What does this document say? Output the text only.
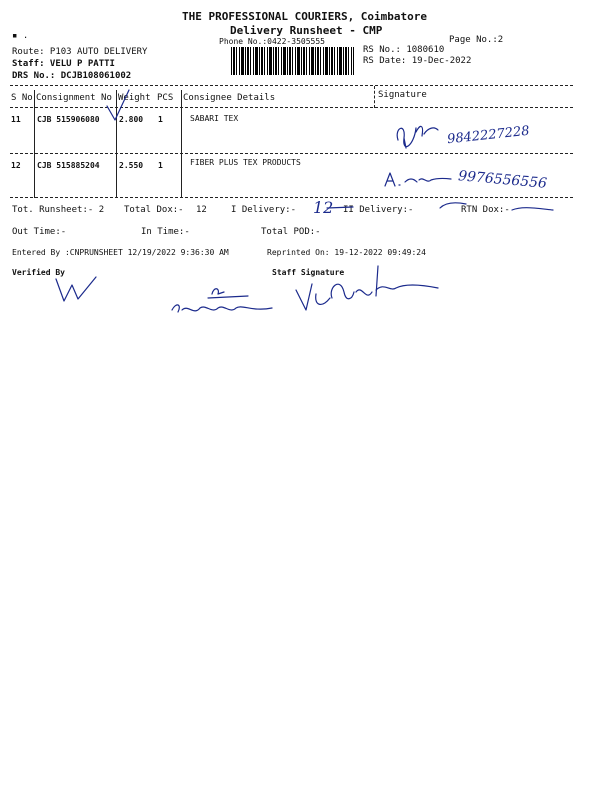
THE PROFESSIONAL COURIERS, Coimbatore
Delivery Runsheet - CMP
Phone No.:0422-3505555	Page No.:2
▪ .
Route: P103 AUTO DELIVERY
Staff: VELU P PATTI
DRS No.: DCJB108061002
RS No.: 1080610
RS Date: 19-Dec-2022
S No Consignment No Weight PCS Consignee Details	Signature
11 CJB 515906080 2.800 1	SABARI TEX
9842227228
12 CJB 515885204 2.550 1	FIBER PLUS TEX PRODUCTS
9976556556
Tot. Runsheet:- 2 Total Dox:- 12	I Delivery:- 12 II Delivery:-	RTN Dox:-
Out Time:-	In Time:-	Total POD:-
Entered By :CNPRUNSHEET 12/19/2022 9:36:30 AM	Reprinted On: 19-12-2022 09:49:24
Verified By	Staff Signature
